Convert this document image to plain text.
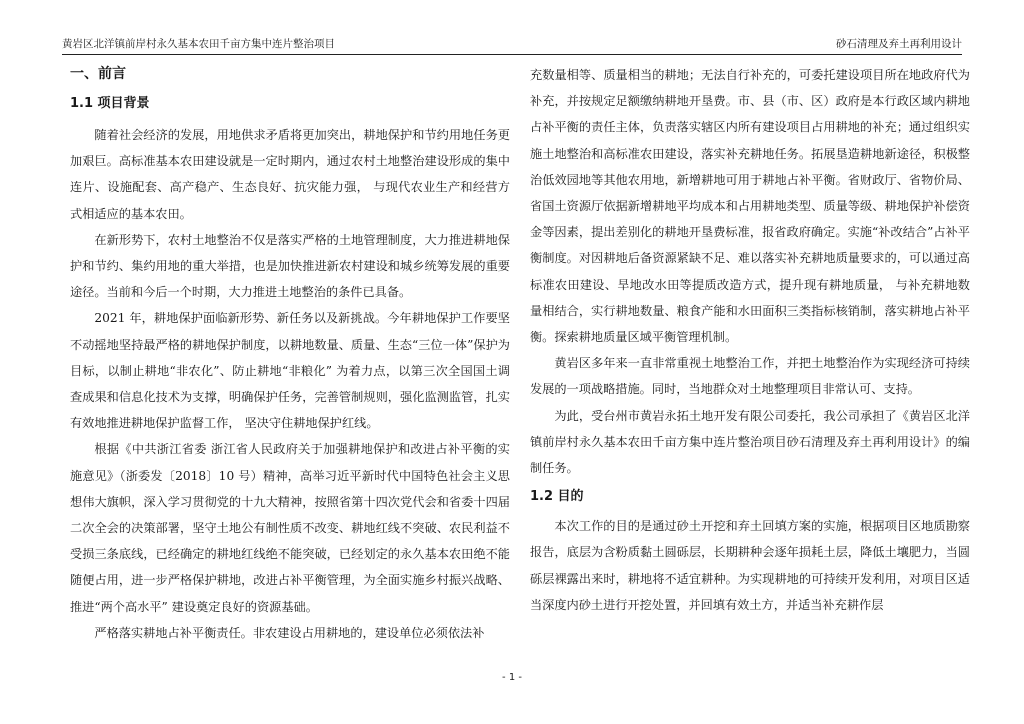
黄岩区北洋镇前岸村永久基本农田千亩方集中连片整治项目	砂石清理及弃土再利用设计
一、前言
1.1 项目背景

随着社会经济的发展，用地供求矛盾将更加突出，耕地保护和节约用地任务更加艰巨。高标准基本农田建设就是一定时期内，通过农村土地整治建设形成的集中连片、设施配套、高产稳产、生态良好、抗灾能力强， 与现代农业生产和经营方式相适应的基本农田。

在新形势下，农村土地整治不仅是落实严格的土地管理制度，大力推进耕地保护和节约、集约用地的重大举措，也是加快推进新农村建设和城乡统筹发展的重要途径。当前和今后一个时期，大力推进土地整治的条件已具备。

2021 年，耕地保护面临新形势、新任务以及新挑战。今年耕地保护工作要坚不动摇地坚持最严格的耕地保护制度，以耕地数量、质量、生态“三位一体”保护为目标，以制止耕地“非农化”、防止耕地“非粮化” 为着力点，以第三次全国国土调查成果和信息化技术为支撑，明确保护任务，完善管制规则，强化监测监管，扎实有效地推进耕地保护监督工作， 坚决守住耕地保护红线。

根据《中共浙江省委 浙江省人民政府关于加强耕地保护和改进占补平衡的实施意见》（浙委发〔2018〕10 号）精神，高举习近平新时代中国特色社会主义思想伟大旗帜，深入学习贯彻党的十九大精神，按照省第十四次党代会和省委十四届二次全会的决策部署，坚守土地公有制性质不改变、耕地红线不突破、农民利益不受损三条底线，已经确定的耕地红线绝不能突破，已经划定的永久基本农田绝不能随便占用，进一步严格保护耕地，改进占补平衡管理，为全面实施乡村振兴战略、推进“两个高水平” 建设奠定良好的资源基础。

严格落实耕地占补平衡责任。非农建设占用耕地的，建设单位必须依法补

充数量相等、质量相当的耕地；无法自行补充的，可委托建设项目所在地政府代为补充，并按规定足额缴纳耕地开垦费。市、县（市、区）政府是本行政区域内耕地占补平衡的责任主体，负责落实辖区内所有建设项目占用耕地的补充；通过组织实施土地整治和高标准农田建设，落实补充耕地任务。拓展垦造耕地新途径，积极整治低效园地等其他农用地，新增耕地可用于耕地占补平衡。省财政厅、省物价局、省国土资源厅依据新增耕地平均成本和占用耕地类型、质量等级、耕地保护补偿资金等因素，提出差别化的耕地开垦费标准，报省政府确定。实施“补改结合”占补平衡制度。对因耕地后备资源紧缺不足、难以落实补充耕地质量要求的，可以通过高标准农田建设、旱地改水田等提质改造方式，提升现有耕地质量， 与补充耕地数量相结合，实行耕地数量、粮食产能和水田面积三类指标核销制，落实耕地占补平衡。探索耕地质量区域平衡管理机制。

黄岩区多年来一直非常重视土地整治工作，并把土地整治作为实现经济可持续发展的一项战略措施。同时，当地群众对土地整理项目非常认可、支持。

为此，受台州市黄岩永拓土地开发有限公司委托，我公司承担了《黄岩区北洋镇前岸村永久基本农田千亩方集中连片整治项目砂石清理及弃土再利用设计》的编制任务。

1.2 目的

本次工作的目的是通过砂土开挖和弃土回填方案的实施，根据项目区地质勘察报告，底层为含粉质黏土圆砾层，长期耕种会逐年损耗土层，降低土壤肥力，当圆砾层裸露出来时，耕地将不适宜耕种。为实现耕地的可持续开发利用，对项目区适当深度内砂土进行开挖处置，并回填有效土方，并适当补充耕作层

- 1 -
